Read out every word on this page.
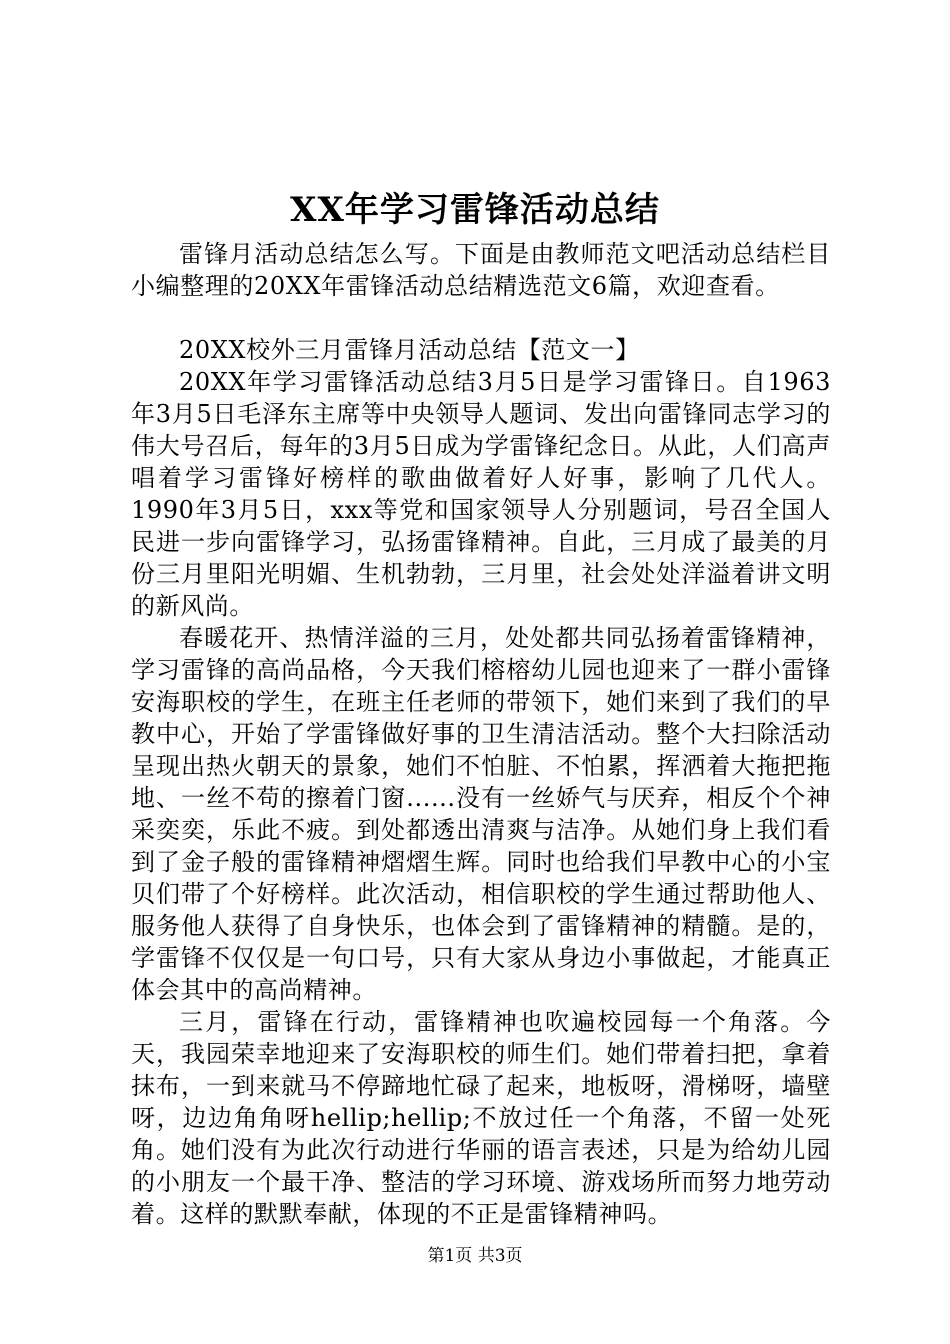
XX年学习雷锋活动总结

雷锋月活动总结怎么写。下面是由教师范文吧活动总结栏目小编整理的20XX年雷锋活动总结精选范文6篇，欢迎查看。

20XX校外三月雷锋月活动总结【范文一】

20XX年学习雷锋活动总结3月5日是学习雷锋日。自1963年3月5日毛泽东主席等中央领导人题词、发出向雷锋同志学习的伟大号召后，每年的3月5日成为学雷锋纪念日。从此，人们高声唱着学习雷锋好榜样的歌曲做着好人好事，影响了几代人。1990年3月5日，xxx等党和国家领导人分别题词，号召全国人民进一步向雷锋学习，弘扬雷锋精神。自此，三月成了最美的月份三月里阳光明媚、生机勃勃，三月里，社会处处洋溢着讲文明的新风尚。

春暖花开、热情洋溢的三月，处处都共同弘扬着雷锋精神，学习雷锋的高尚品格，今天我们榕榕幼儿园也迎来了一群小雷锋安海职校的学生，在班主任老师的带领下，她们来到了我们的早教中心，开始了学雷锋做好事的卫生清洁活动。整个大扫除活动呈现出热火朝天的景象，她们不怕脏、不怕累，挥洒着大拖把拖地、一丝不苟的擦着门窗......没有一丝娇气与厌弃，相反个个神采奕奕，乐此不疲。到处都透出清爽与洁净。从她们身上我们看到了金子般的雷锋精神熠熠生辉。同时也给我们早教中心的小宝贝们带了个好榜样。此次活动，相信职校的学生通过帮助他人、服务他人获得了自身快乐，也体会到了雷锋精神的精髓。是的，学雷锋不仅仅是一句口号，只有大家从身边小事做起，才能真正体会其中的高尚精神。

三月，雷锋在行动，雷锋精神也吹遍校园每一个角落。今天，我园荣幸地迎来了安海职校的师生们。她们带着扫把，拿着抹布，一到来就马不停蹄地忙碌了起来，地板呀，滑梯呀，墙壁呀，边边角角呀hellip;hellip;不放过任一个角落，不留一处死角。她们没有为此次行动进行华丽的语言表述，只是为给幼儿园的小朋友一个最干净、整洁的学习环境、游戏场所而努力地劳动着。这样的默默奉献，体现的不正是雷锋精神吗。

第1页 共3页
